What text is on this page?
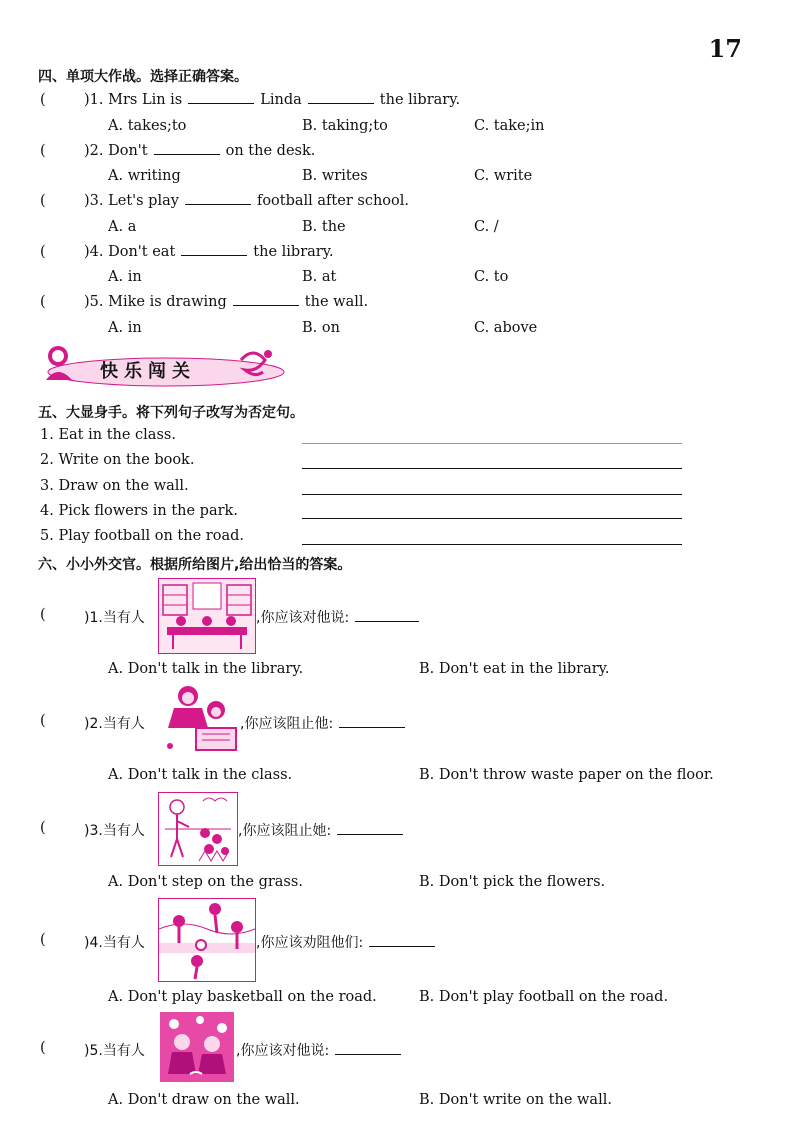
17
四、单项大作战。选择正确答案。
(	)1. Mrs Lin is	Linda	the library.
A. takes;to	B. taking;to	C. take;in
(	)2. Don't	on the desk.
A. writing	B. writes	C. write
(	)3. Let's play	football after school.
A. a	B. the	C. /
(	)4. Don't eat	the library.
A. in	B. at	C. to
(	)5. Mike is drawing	the wall.
A. in	B. on	C. above
快乐闯关
五、大显身手。将下列句子改写为否定句。
1. Eat in the class.
2. Write on the book.
3. Draw on the wall.
4. Pick flowers in the park.
5. Play football on the road.
六、小小外交官。根据所给图片,给出恰当的答案。
(	)1.当有人	,你应该对他说:
A. Don't talk in the library.	B. Don't eat in the library.
(	)2.当有人	,你应该阻止他:
A. Don't talk in the class.	B. Don't throw waste paper on the floor.
(	)3.当有人	,你应该阻止她:
A. Don't step on the grass.	B. Don't pick the flowers.
(	)4.当有人	,你应该劝阻他们:
A. Don't play basketball on the road.	B. Don't play football on the road.
(	)5.当有人	,你应该对他说:
A. Don't draw on the wall.	B. Don't write on the wall.
